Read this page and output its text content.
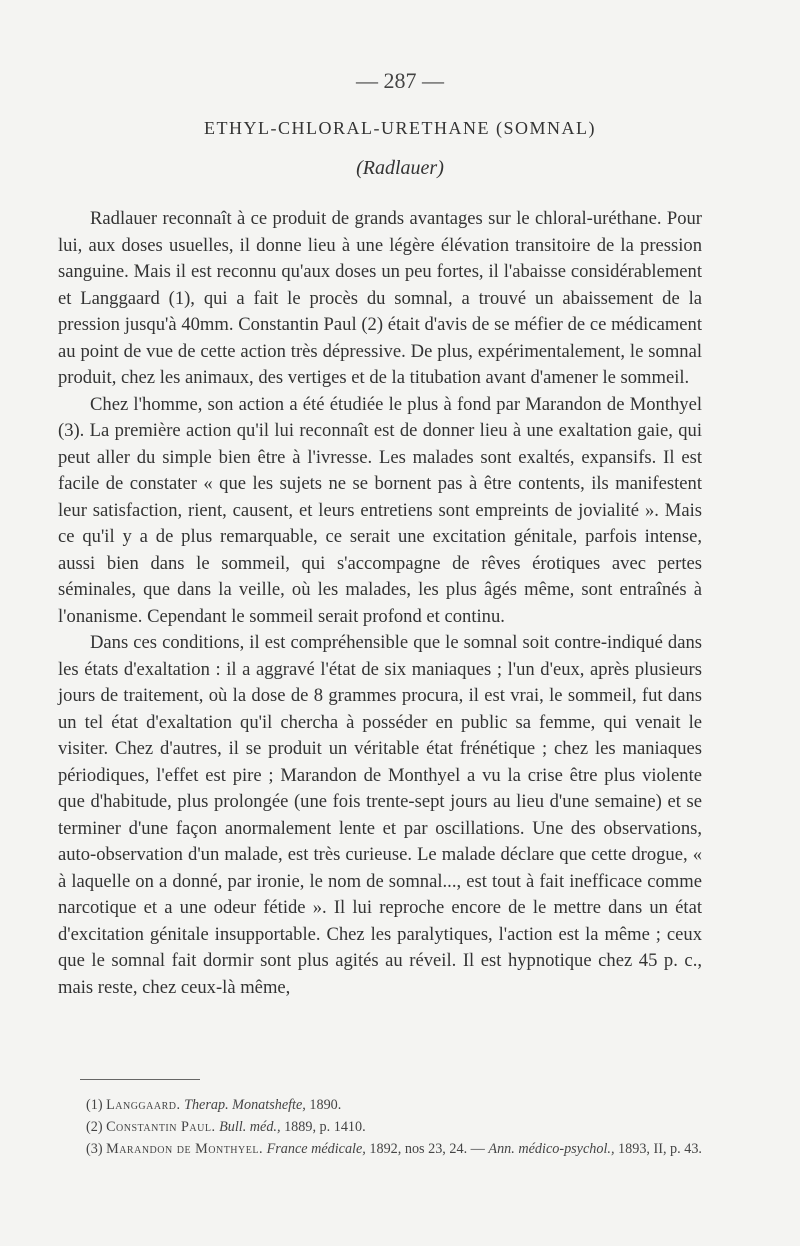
— 287 —
ETHYL-CHLORAL-URETHANE (SOMNAL)
(Radlauer)

Radlauer reconnaît à ce produit de grands avantages sur le chloral-uréthane. Pour lui, aux doses usuelles, il donne lieu à une légère élévation transitoire de la pression sanguine. Mais il est reconnu qu'aux doses un peu fortes, il l'abaisse considérablement et Langgaard (1), qui a fait le procès du somnal, a trouvé un abaissement de la pression jusqu'à 40mm. Constantin Paul (2) était d'avis de se méfier de ce médicament au point de vue de cette action très dépressive. De plus, expérimentalement, le somnal produit, chez les animaux, des vertiges et de la titubation avant d'amener le sommeil.

Chez l'homme, son action a été étudiée le plus à fond par Marandon de Monthyel (3). La première action qu'il lui reconnaît est de donner lieu à une exaltation gaie, qui peut aller du simple bien être à l'ivresse. Les malades sont exaltés, expansifs. Il est facile de constater « que les sujets ne se bornent pas à être contents, ils manifestent leur satisfaction, rient, causent, et leurs entretiens sont empreints de jovialité ». Mais ce qu'il y a de plus remarquable, ce serait une excitation génitale, parfois intense, aussi bien dans le sommeil, qui s'accompagne de rêves érotiques avec pertes séminales, que dans la veille, où les malades, les plus âgés même, sont entraînés à l'onanisme. Cependant le sommeil serait profond et continu.

Dans ces conditions, il est compréhensible que le somnal soit contre-indiqué dans les états d'exaltation : il a aggravé l'état de six maniaques ; l'un d'eux, après plusieurs jours de traitement, où la dose de 8 grammes procura, il est vrai, le sommeil, fut dans un tel état d'exaltation qu'il chercha à posséder en public sa femme, qui venait le visiter. Chez d'autres, il se produit un véritable état frénétique ; chez les maniaques périodiques, l'effet est pire ; Marandon de Monthyel a vu la crise être plus violente que d'habitude, plus prolongée (une fois trente-sept jours au lieu d'une semaine) et se terminer d'une façon anormalement lente et par oscillations. Une des observations, auto-observation d'un malade, est très curieuse. Le malade déclare que cette drogue, « à laquelle on a donné, par ironie, le nom de somnal..., est tout à fait inefficace comme narcotique et a une odeur fétide ». Il lui reproche encore de le mettre dans un état d'excitation génitale insupportable. Chez les paralytiques, l'action est la même ; ceux que le somnal fait dormir sont plus agités au réveil. Il est hypnotique chez 45 p. c., mais reste, chez ceux-là même,

(1) Langgaard. Therap. Monatshefte, 1890.

(2) Constantin Paul. Bull. méd., 1889, p. 1410.

(3) Marandon de Monthyel. France médicale, 1892, nos 23, 24. — Ann. médico-psychol., 1893, II, p. 43.
